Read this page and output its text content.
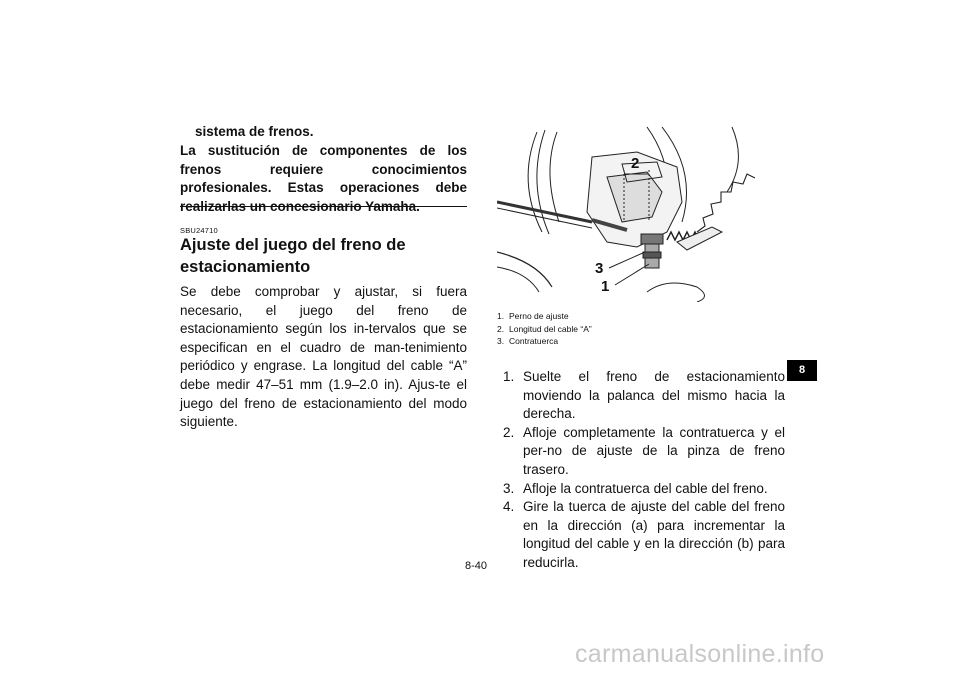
sistema de frenos.
La sustitución de componentes de los frenos requiere conocimientos profesionales. Estas operaciones debe realizarlas un concesionario Yamaha.
SBU24710
Ajuste del juego del freno de estacionamiento
Se debe comprobar y ajustar, si fuera necesario, el juego del freno de estacionamiento según los in-tervalos que se especifican en el cuadro de man-tenimiento periódico y engrase. La longitud del cable “A” debe medir 47–51 mm (1.9–2.0 in). Ajus-te el juego del freno de estacionamiento del modo siguiente.
2
3
1
1. Perno de ajuste
2. Longitud del cable “A”
3. Contratuerca
1. Suelte el freno de estacionamiento moviendo la palanca del mismo hacia la derecha.
2. Afloje completamente la contratuerca y el per-no de ajuste de la pinza de freno trasero.
3. Afloje la contratuerca del cable del freno.
4. Gire la tuerca de ajuste del cable del freno en la dirección (a) para incrementar la longitud del cable y en la dirección (b) para reducirla.
8
8-40
carmanualsonline.info
